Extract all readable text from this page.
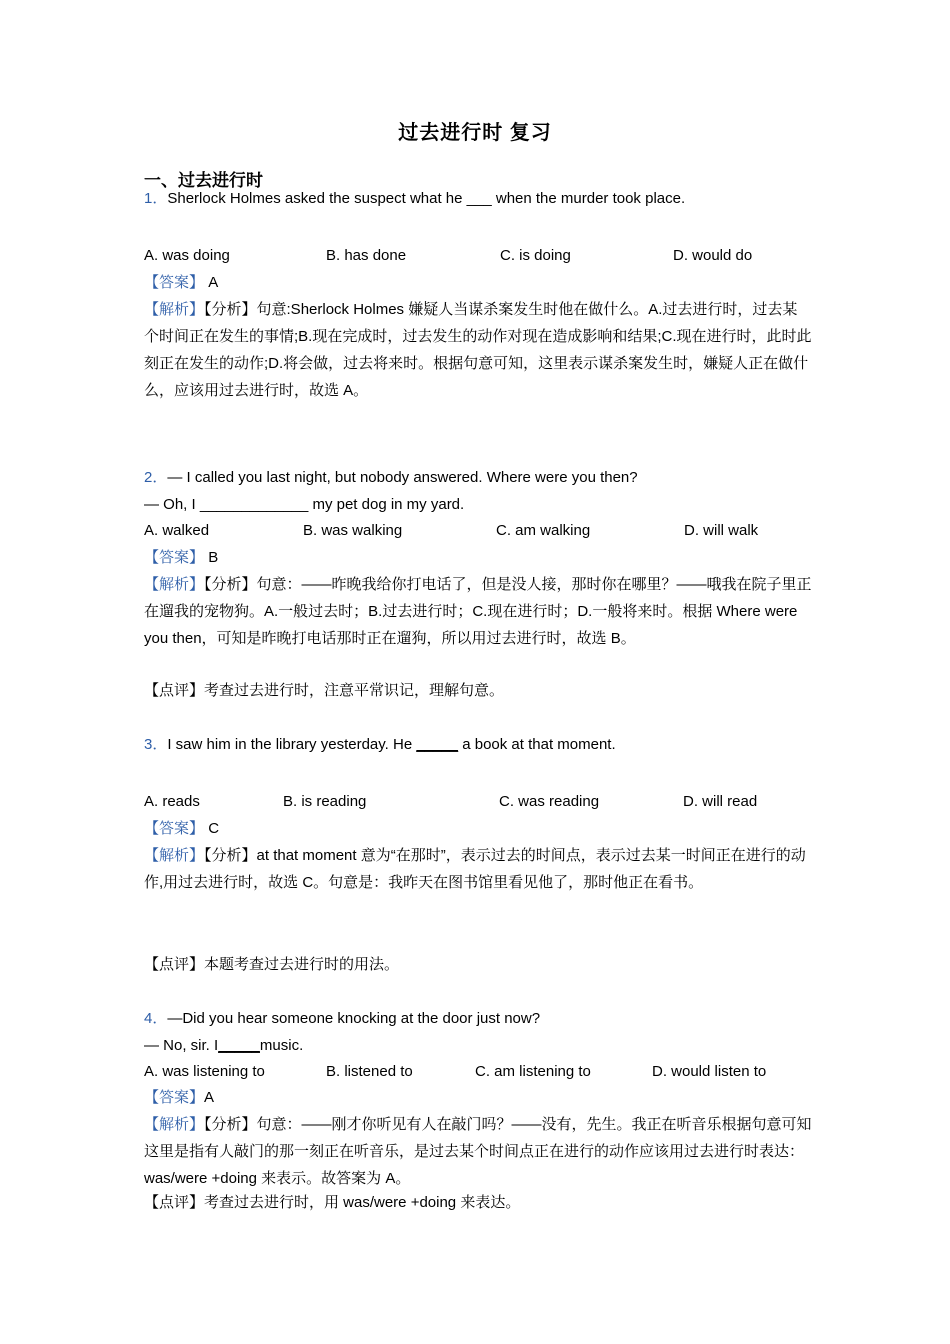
过去进行时 复习
一、过去进行时
1．Sherlock Holmes asked the suspect what he ___ when the murder took place.
A. was doing	B. has done	C. is doing	D. would do
【答案】 A
【解析】【分析】句意:Sherlock Holmes 嫌疑人当谋杀案发生时他在做什么。A.过去进行时，过去某个时间正在发生的事情;B.现在完成时，过去发生的动作对现在造成影响和结果;C.现在进行时，此时此刻正在发生的动作;D.将会做，过去将来时。根据句意可知，这里表示谋杀案发生时，嫌疑人正在做什么，应该用过去进行时，故选 A。
2．— I called you last night, but nobody answered. Where were you then?
— Oh, I _____________ my pet dog in my yard.
A. walked	B. was walking	C. am walking	D. will walk
【答案】 B
【解析】【分析】句意：——昨晚我给你打电话了，但是没人接，那时你在哪里？——哦我在院子里正在遛我的宠物狗。A.一般过去时；B.过去进行时；C.现在进行时；D.一般将来时。根据 Where were you then，可知是昨晚打电话那时正在遛狗，所以用过去进行时，故选 B。
【点评】考查过去进行时，注意平常识记，理解句意。
3．I saw him in the library yesterday. He _____ a book at that moment.
A. reads	B. is reading	C. was reading	D. will read
【答案】 C
【解析】【分析】at that moment 意为“在那时”，表示过去的时间点，表示过去某一时间正在进行的动作,用过去进行时，故选 C。句意是：我昨天在图书馆里看见他了，那时他正在看书。
【点评】本题考查过去进行时的用法。
4．—Did you hear someone knocking at the door just now?
— No, sir. I_____music.
A. was listening to	B. listened to	C. am listening to	D. would listen to
【答案】A
【解析】【分析】句意：——刚才你听见有人在敲门吗？——没有，先生。我正在听音乐根据句意可知这里是指有人敲门的那一刻正在听音乐，是过去某个时间点正在进行的动作应该用过去进行时表达：was/were +doing 来表示。故答案为 A。
【点评】考查过去进行时，用 was/were +doing 来表达。
